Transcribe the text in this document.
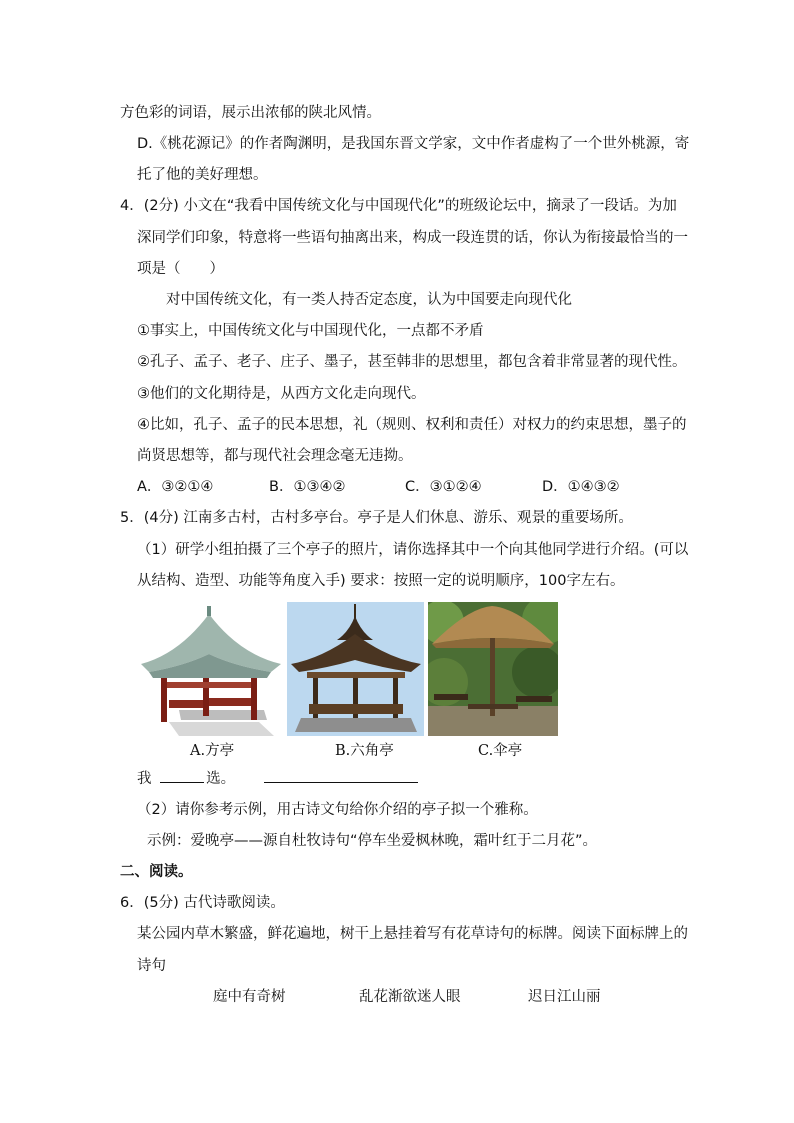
方色彩的词语，展示出浓郁的陕北风情。
D.《桃花源记》的作者陶渊明，是我国东晋文学家，文中作者虚构了一个世外桃源，寄
托了他的美好理想。
4．(2分) 小文在“我看中国传统文化与中国现代化”的班级论坛中，摘录了一段话。为加
深同学们印象，特意将一些语句抽离出来，构成一段连贯的话，你认为衔接最恰当的一
项是（　　）
对中国传统文化，有一类人持否定态度，认为中国要走向现代化
①事实上，中国传统文化与中国现代化，一点都不矛盾
②孔子、孟子、老子、庄子、墨子，甚至韩非的思想里，都包含着非常显著的现代性。
③他们的文化期待是，从西方文化走向现代。
④比如，孔子、孟子的民本思想，礼（规则、权利和责任）对权力的约束思想，墨子的
尚贤思想等，都与现代社会理念毫无违拗。
A．③②①④	B．①③④②	C．③①②④	D．①④③②
5．(4分) 江南多古村，古村多亭台。亭子是人们休息、游乐、观景的重要场所。
（1）研学小组拍摄了三个亭子的照片，请你选择其中一个向其他同学进行介绍。(可以
从结构、造型、功能等角度入手) 要求：按照一定的说明顺序，100字左右。
A.方亭	B.六角亭	C.伞亭
我	选。
（2）请你参考示例，用古诗文句给你介绍的亭子拟一个雅称。
示例：爱晚亭——源自杜牧诗句“停车坐爱枫林晚，霜叶红于二月花”。
二、阅读。
6．(5分) 古代诗歌阅读。
某公园内草木繁盛，鲜花遍地，树干上悬挂着写有花草诗句的标牌。阅读下面标牌上的
诗句
庭中有奇树	乱花渐欲迷人眼	迟日江山丽
